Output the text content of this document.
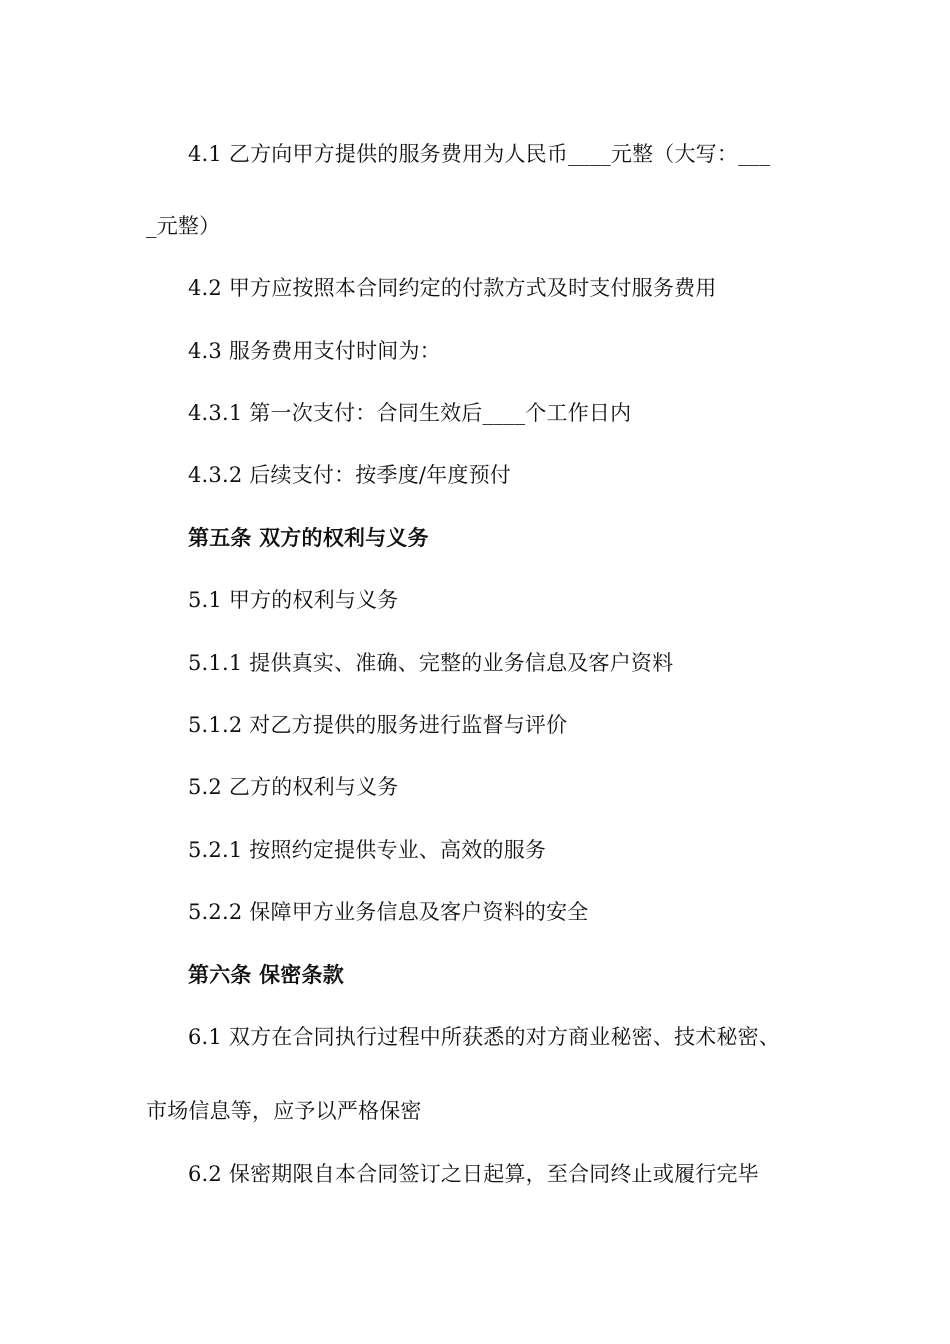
4.1 乙方向甲方提供的服务费用为人民币____元整（大写：___
_元整）
4.2 甲方应按照本合同约定的付款方式及时支付服务费用
4.3 服务费用支付时间为：
4.3.1 第一次支付：合同生效后____个工作日内
4.3.2 后续支付：按季度/年度预付
第五条 双方的权利与义务
5.1 甲方的权利与义务
5.1.1 提供真实、准确、完整的业务信息及客户资料
5.1.2 对乙方提供的服务进行监督与评价
5.2 乙方的权利与义务
5.2.1 按照约定提供专业、高效的服务
5.2.2 保障甲方业务信息及客户资料的安全
第六条 保密条款
6.1 双方在合同执行过程中所获悉的对方商业秘密、技术秘密、
市场信息等，应予以严格保密
6.2 保密期限自本合同签订之日起算，至合同终止或履行完毕
